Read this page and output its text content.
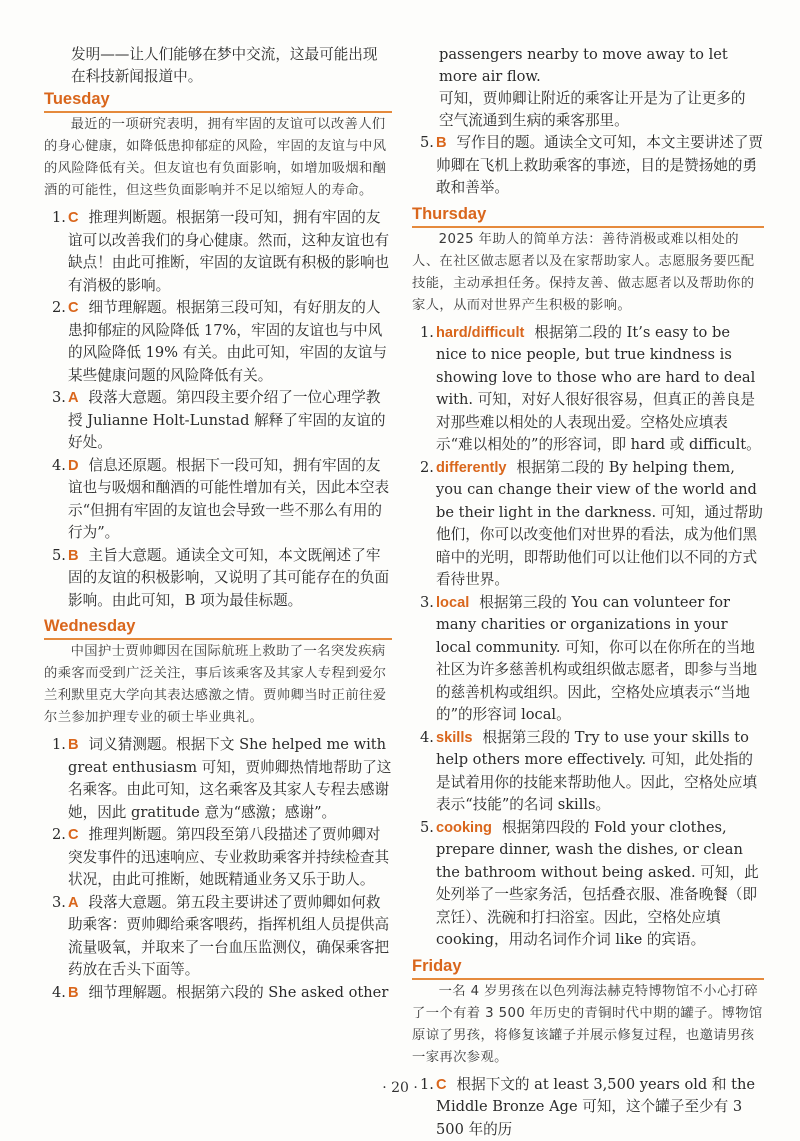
发明——让人们能够在梦中交流，这最可能出现

在科技新闻报道中。

Tuesday

最近的一项研究表明，拥有牢固的友谊可以改善人们的身心健康，如降低患抑郁症的风险，牢固的友谊与中风的风险降低有关。但友谊也有负面影响，如增加吸烟和酗酒的可能性，但这些负面影响并不足以缩短人的寿命。

1. C 推理判断题。根据第一段可知，拥有牢固的友谊可以改善我们的身心健康。然而，这种友谊也有缺点！由此可推断，牢固的友谊既有积极的影响也有消极的影响。
2. C 细节理解题。根据第三段可知，有好朋友的人患抑郁症的风险降低 17%，牢固的友谊也与中风的风险降低 19% 有关。由此可知，牢固的友谊与某些健康问题的风险降低有关。
3. A 段落大意题。第四段主要介绍了一位心理学教授 Julianne Holt-Lunstad 解释了牢固的友谊的好处。
4. D 信息还原题。根据下一段可知，拥有牢固的友谊也与吸烟和酗酒的可能性增加有关，因此本空表示“但拥有牢固的友谊也会导致一些不那么有用的行为”。
5. B 主旨大意题。通读全文可知，本文既阐述了牢固的友谊的积极影响，又说明了其可能存在的负面影响。由此可知，B 项为最佳标题。
Wednesday

中国护士贾帅卿因在国际航班上救助了一名突发疾病的乘客而受到广泛关注，事后该乘客及其家人专程到爱尔兰利默里克大学向其表达感激之情。贾帅卿当时正前往爱尔兰参加护理专业的硕士毕业典礼。

1. B 词义猜测题。根据下文 She helped me with great enthusiasm 可知，贾帅卿热情地帮助了这名乘客。由此可知，这名乘客及其家人专程去感谢她，因此 gratitude 意为“感激；感谢”。
2. C 推理判断题。第四段至第八段描述了贾帅卿对突发事件的迅速响应、专业救助乘客并持续检查其状况，由此可推断，她既精通业务又乐于助人。
3. A 段落大意题。第五段主要讲述了贾帅卿如何救助乘客：贾帅卿给乘客喂药，指挥机组人员提供高流量吸氧，并取来了一台血压监测仪，确保乘客把药放在舌头下面等。
4. B 细节理解题。根据第六段的 She asked other

passengers nearby to move away to let more air flow.

可知，贾帅卿让附近的乘客让开是为了让更多的

空气流通到生病的乘客那里。

5. B 写作目的题。通读全文可知，本文主要讲述了贾帅卿在飞机上救助乘客的事迹，目的是赞扬她的勇敢和善举。
Thursday

2025 年助人的简单方法：善待消极或难以相处的人、在社区做志愿者以及在家帮助家人。志愿服务要匹配技能，主动承担任务。保持友善、做志愿者以及帮助你的家人，从而对世界产生积极的影响。

1. hard/difficult 根据第二段的 It’s easy to be nice to nice people, but true kindness is showing love to those who are hard to deal with. 可知，对好人很好很容易，但真正的善良是对那些难以相处的人表现出爱。空格处应填表示“难以相处的”的形容词，即 hard 或 difficult。
2. differently 根据第二段的 By helping them, you can change their view of the world and be their light in the darkness. 可知，通过帮助他们，你可以改变他们对世界的看法，成为他们黑暗中的光明，即帮助他们可以让他们以不同的方式看待世界。
3. local 根据第三段的 You can volunteer for many charities or organizations in your local community. 可知，你可以在你所在的当地社区为许多慈善机构或组织做志愿者，即参与当地的慈善机构或组织。因此，空格处应填表示“当地的”的形容词 local。
4. skills 根据第三段的 Try to use your skills to help others more effectively. 可知，此处指的是试着用你的技能来帮助他人。因此，空格处应填表示“技能”的名词 skills。
5. cooking 根据第四段的 Fold your clothes, prepare dinner, wash the dishes, or clean the bathroom without being asked. 可知，此处列举了一些家务活，包括叠衣服、准备晚餐（即烹饪）、洗碗和打扫浴室。因此，空格处应填 cooking，用动名词作介词 like 的宾语。
Friday

一名 4 岁男孩在以色列海法赫克特博物馆不小心打碎了一个有着 3 500 年历史的青铜时代中期的罐子。博物馆原谅了男孩，将修复该罐子并展示修复过程，也邀请男孩一家再次参观。

1. C 根据下文的 at least 3,500 years old 和 the Middle Bronze Age 可知，这个罐子至少有 3 500 年的历
· 20 ·
